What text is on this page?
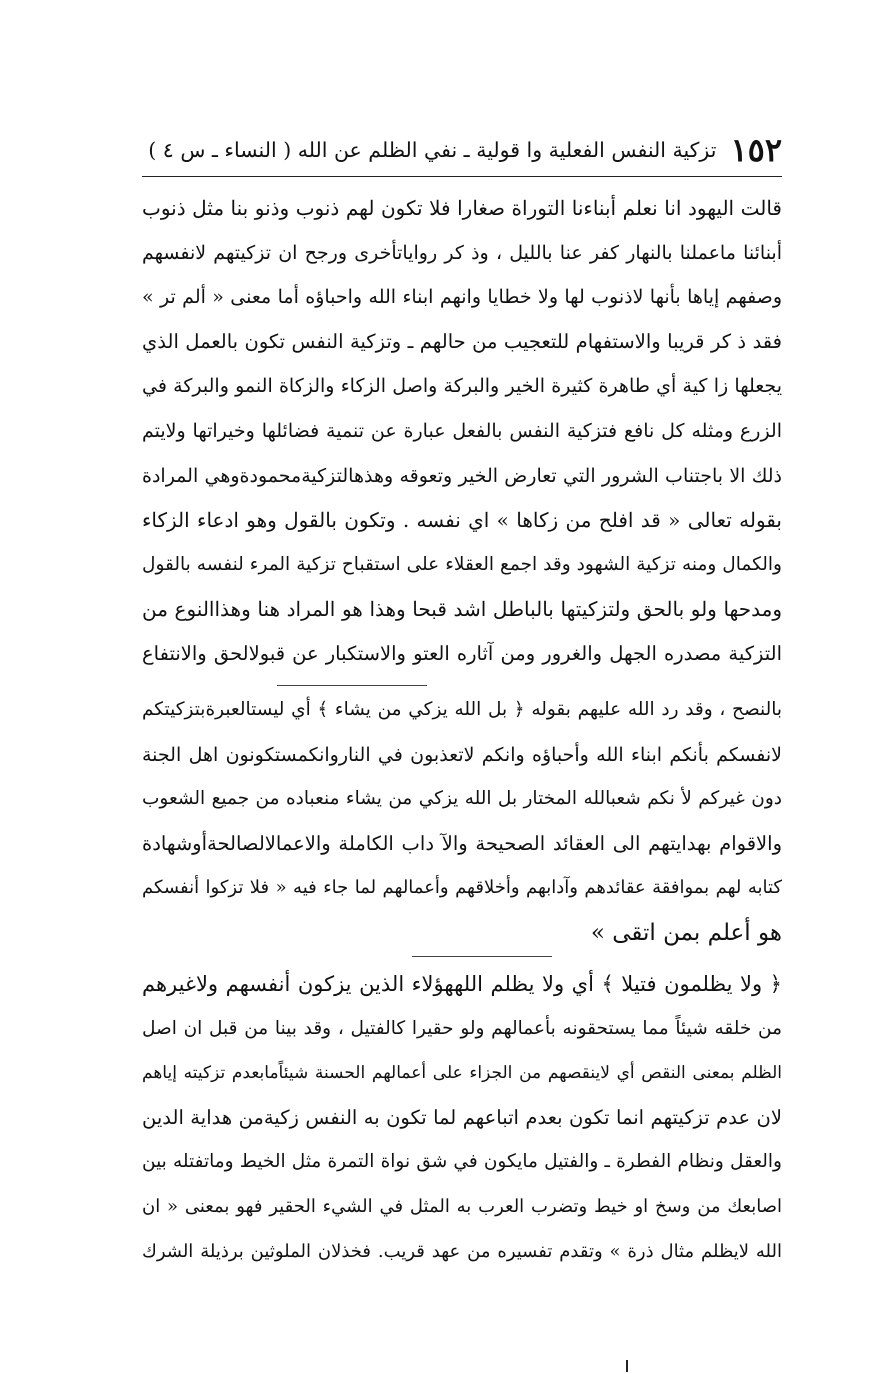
١٥٢
تزكية النفس الفعلية وا قولية ـ نفي الظلم عن الله ( النساء ـ س ٤ )
قالت اليهود انا نعلم أبناءنا التوراة صغارا فلا تكون لهم ذنوب وذنو بنا مثل ذنوب
أبنائنا ماعملنا بالنهار كفر عنا بالليل ، وذ كر رواياتأخرى ورجح ان تزكيتهم لانفسهم
وصفهم إياها بأنها لاذنوب لها ولا خطايا وانهم ابناء الله واحباؤه أما معنى « ألم تر »
فقد ذ كر قريبا والاستفهام للتعجيب من حالهم ـ وتزكية النفس تكون بالعمل الذي
يجعلها زا كية أي طاهرة كثيرة الخير والبركة واصل الزكاء والزكاة النمو والبركة في
الزرع ومثله كل نافع فتزكية النفس بالفعل عبارة عن تنمية فضائلها وخيراتها ولايتم
ذلك الا باجتناب الشرور التي تعارض الخير وتعوقه وهذهالتزكيةمحمودةوهي المرادة
بقوله تعالى « قد افلح من زكاها » اي نفسه . وتكون بالقول وهو ادعاء الزكاء
والكمال ومنه تزكية الشهود وقد اجمع العقلاء على استقباح تزكية المرء لنفسه بالقول
ومدحها ولو بالحق ولتزكيتها بالباطل اشد قبحا وهذا هو المراد هنا وهذاالنوع من
التزكية مصدره الجهل والغرور ومن آثاره العتو والاستكبار عن قبولالحق والانتفاع
بالنصح ، وقد رد الله عليهم بقوله ﴿ بل الله يزكي من يشاء ﴾ أي ليستالعبرةبتزكيتكم
لانفسكم بأنكم ابناء الله وأحباؤه وانكم لاتعذبون في الناروانكمستكونون اهل الجنة
دون غيركم لأ نكم شعبالله المختار بل الله يزكي من يشاء منعباده من جميع الشعوب
والاقوام بهدايتهم الى العقائد الصحيحة والآ داب الكاملة والاعمالالصالحةأوشهادة
كتابه لهم بموافقة عقائدهم وآدابهم وأخلاقهم وأعمالهم لما جاء فيه « فلا تزكوا أنفسكم
هو أعلم بمن اتقى »
﴿ ولا يظلمون فتيلا ﴾ أي ولا يظلم اللههؤلاء الذين يزكون أنفسهم ولاغيرهم
من خلقه شيئاً مما يستحقونه بأعمالهم ولو حقيرا كالفتيل ، وقد بينا من قبل ان اصل
الظلم بمعنى النقص أي لاينقصهم من الجزاء على أعمالهم الحسنة شيئاًمابعدم تزكيته إياهم
لان عدم تزكيتهم انما تكون بعدم اتباعهم لما تكون به النفس زكيةمن هداية الدين
والعقل ونظام الفطرة ـ والفتيل مايكون في شق نواة التمرة مثل الخيط وماتفتله بين
اصابعك من وسخ او خيط وتضرب العرب به المثل في الشيء الحقير فهو بمعنى « ان
الله لايظلم مثال ذرة » وتقدم تفسيره من عهد قريب. فخذلان الملوثين برذيلة الشرك
